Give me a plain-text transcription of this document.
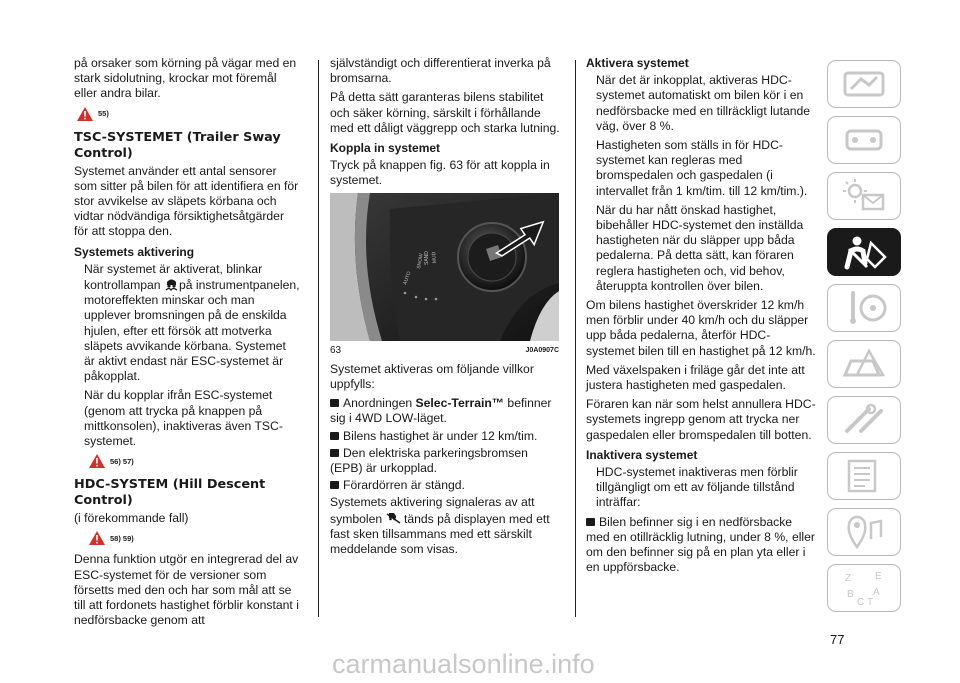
på orsaker som körning på vägar med en stark sidolutning, krockar mot föremål eller andra bilar.

55)
TSC-SYSTEMET (Trailer Sway Control)

Systemet använder ett antal sensorer som sitter på bilen för att identifiera en för stor avvikelse av släpets körbana och vidtar nödvändiga försiktighetsåtgärder för att stoppa den.

Systemets aktivering

När systemet är aktiverat, blinkar kontrollampan på instrumentpanelen, motoreffekten minskar och man upplever bromsningen på de enskilda hjulen, efter ett försök att motverka släpets avvikande körbana. Systemet är aktivt endast när ESC-systemet är påkopplat.

När du kopplar ifrån ESC-systemet (genom att trycka på knappen på mittkonsolen), inaktiveras även TSC-systemet.

56) 57)
HDC-SYSTEM (Hill Descent Control)

(i förekommande fall)

58) 59)

Denna funktion utgör en integrerad del av ESC-systemet för de versioner som försetts med den och har som mål att se till att fordonets hastighet förblir konstant i nedförsbacke genom att

självständigt och differentierat inverka på bromsarna.

På detta sätt garanteras bilens stabilitet och säker körning, särskilt i förhållande med ett dåligt väggrepp och starka lutning.

Koppla in systemet

Tryck på knappen fig. 63 för att koppla in systemet.

AUTO
SNOW SAND MUD
63	J0A0907C

Systemet aktiveras om följande villkor uppfylls:

Anordningen Selec-Terrain™ befinner sig i 4WD LOW-läget.

Bilens hastighet är under 12 km/tim.

Den elektriska parkeringsbromsen (EPB) är urkopplad.

Förardörren är stängd.

Systemets aktivering signaleras av att symbolen tänds på displayen med ett fast sken tillsammans med ett särskilt meddelande som visas.

Aktivera systemet

När det är inkopplat, aktiveras HDC-systemet automatiskt om bilen kör i en nedförsbacke med en tillräckligt lutande väg, över 8 %.

Hastigheten som ställs in för HDC-systemet kan regleras med bromspedalen och gaspedalen (i intervallet från 1 km/tim. till 12 km/tim.).

När du har nått önskad hastighet, bibehåller HDC-systemet den inställda hastigheten när du släpper upp båda pedalerna. På detta sätt, kan föraren reglera hastigheten och, vid behov, återuppta kontrollen över bilen.

Om bilens hastighet överskrider 12 km/h men förblir under 40 km/h och du släpper upp båda pedalerna, återför HDC-systemet bilen till en hastighet på 12 km/h.

Med växelspaken i friläge går det inte att justera hastigheten med gaspedalen.

Föraren kan när som helst annullera HDC-systemets ingrepp genom att trycka ner gaspedalen eller bromspedalen till botten.

Inaktivera systemet

HDC-systemet inaktiveras men förblir tillgängligt om ett av följande tillstånd inträffar:

Bilen befinner sig i en nedförsbacke med en otillräcklig lutning, under 8 %, eller om den befinner sig på en plan yta eller i en uppförsbacke.

Z E
B A
C T
77
carmanualsonline.info
